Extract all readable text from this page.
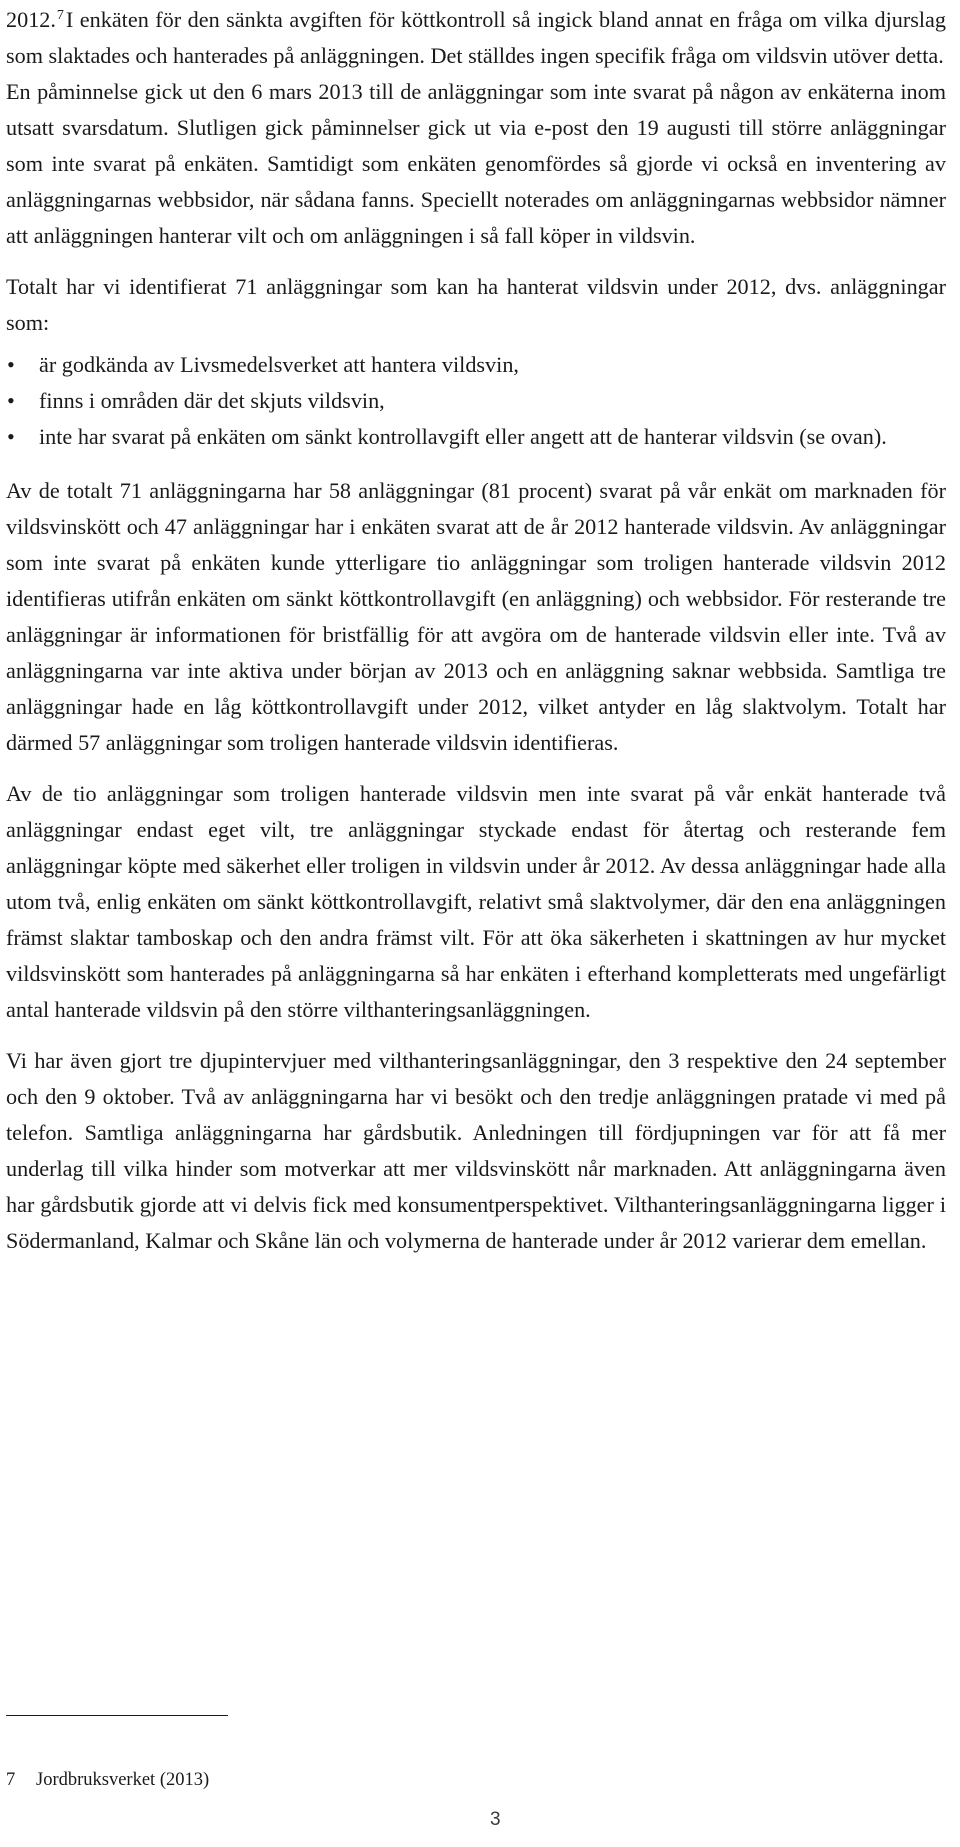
2012.$^7$I enkäten för den sänkta avgiften för köttkontroll så ingick bland annat en fråga om vilka djurslag som slaktades och hanterades på anläggningen. Det ställdes ingen specifik fråga om vildsvin utöver detta.

En påminnelse gick ut den 6 mars 2013 till de anläggningar som inte svarat på någon av enkäterna inom utsatt svarsdatum. Slutligen gick påminnelser gick ut via e-post den 19 augusti till större anläggningar som inte svarat på enkäten. Samtidigt som enkäten genomfördes så gjorde vi också en inventering av anläggningarnas webbsidor, när sådana fanns. Speciellt noterades om anläggningarnas webbsidor nämner att anläggningen hanterar vilt och om anläggningen i så fall köper in vildsvin.

Totalt har vi identifierat 71 anläggningar som kan ha hanterat vildsvin under 2012, dvs. anläggningar som:

• är godkända av Livsmedelsverket att hantera vildsvin,
• finns i områden där det skjuts vildsvin,
• inte har svarat på enkäten om sänkt kontrollavgift eller angett att de hanterar vildsvin (se ovan).

Av de totalt 71 anläggningarna har 58 anläggningar (81 procent) svarat på vår enkät om marknaden för vildsvinskött och 47 anläggningar har i enkäten svarat att de år 2012 hanterade vildsvin. Av anläggningar som inte svarat på enkäten kunde ytterligare tio anläggningar som troligen hanterade vildsvin 2012 identifieras utifrån enkäten om sänkt köttkontrollavgift (en anläggning) och webbsidor. För resterande tre anläggningar är informationen för bristfällig för att avgöra om de hanterade vildsvin eller inte. Två av anläggningarna var inte aktiva under början av 2013 och en anläggning saknar webbsida. Samtliga tre anläggningar hade en låg köttkontrollavgift under 2012, vilket antyder en låg slaktvolym. Totalt har därmed 57 anläggningar som troligen hanterade vildsvin identifieras.

Av de tio anläggningar som troligen hanterade vildsvin men inte svarat på vår enkät hanterade två anläggningar endast eget vilt, tre anläggningar styckade endast för återtag och resterande fem anläggningar köpte med säkerhet eller troligen in vildsvin under år 2012. Av dessa anläggningar hade alla utom två, enlig enkäten om sänkt köttkontrollavgift, relativt små slaktvolymer, där den ena anläggningen främst slaktar tamboskap och den andra främst vilt. För att öka säkerheten i skattningen av hur mycket vildsvinskött som hanterades på anläggningarna så har enkäten i efterhand kompletterats med ungefärligt antal hanterade vildsvin på den större vilthanteringsanläggningen.

Vi har även gjort tre djupintervjuer med vilthanteringsanläggningar, den 3 respektive den 24 september och den 9 oktober. Två av anläggningarna har vi besökt och den tredje anläggningen pratade vi med på telefon. Samtliga anläggningarna har gårdsbutik. Anledningen till fördjupningen var för att få mer underlag till vilka hinder som motverkar att mer vildsvinskött når marknaden. Att anläggningarna även har gårdsbutik gjorde att vi delvis fick med konsumentperspektivet. Vilthanteringsanläggningarna ligger i Södermanland, Kalmar och Skåne län och volymerna de hanterade under år 2012 varierar dem emellan.

7 Jordbruksverket (2013)
3
